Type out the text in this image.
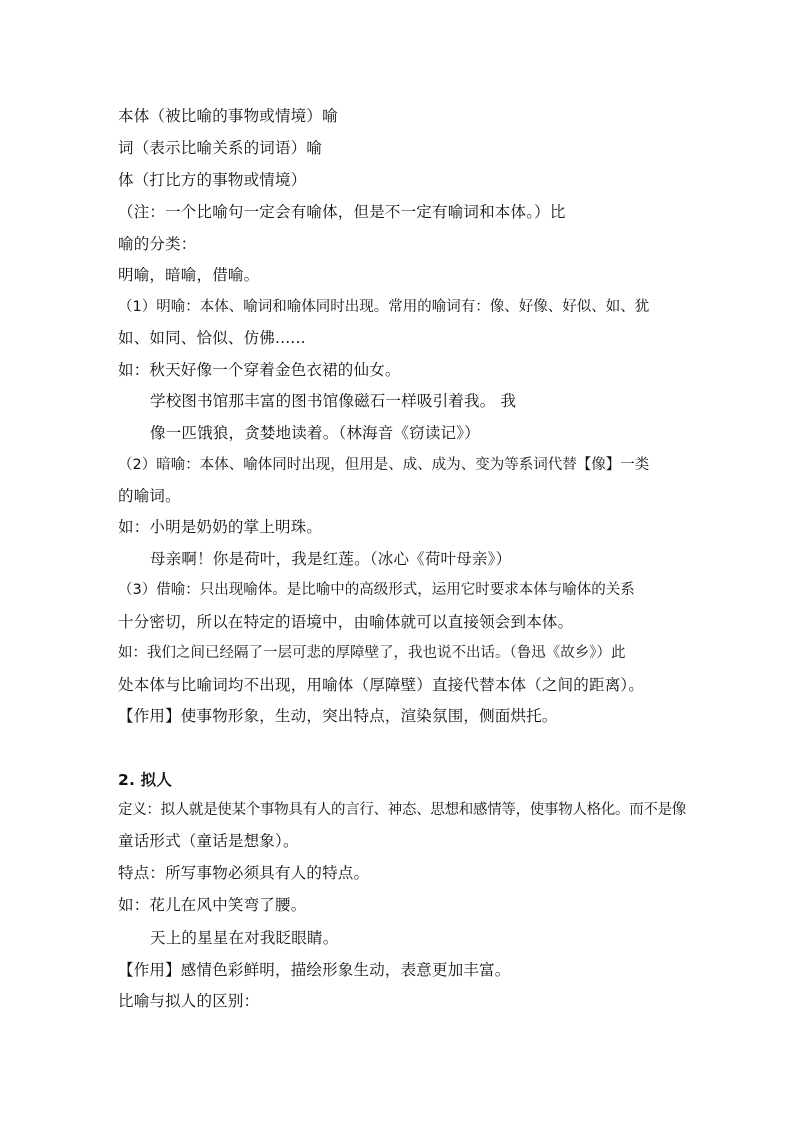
本体（被比喻的事物或情境）喻
词（表示比喻关系的词语）喻
体（打比方的事物或情境）
（注：一个比喻句一定会有喻体，但是不一定有喻词和本体。）比
喻的分类：
明喻，暗喻，借喻。
（1）明喻：本体、喻词和喻体同时出现。常用的喻词有：像、好像、好似、如、犹
如、如同、恰似、仿佛......
如：秋天好像一个穿着金色衣裙的仙女。
学校图书馆那丰富的图书馆像磁石一样吸引着我。 我
像一匹饿狼，贪婪地读着。（林海音《窃读记》）
（2）暗喻：本体、喻体同时出现，但用是、成、成为、变为等系词代替【像】一类
的喻词。
如：小明是奶奶的掌上明珠。
母亲啊！你是荷叶，我是红莲。（冰心《荷叶母亲》）
（3）借喻：只出现喻体。是比喻中的高级形式，运用它时要求本体与喻体的关系
十分密切，所以在特定的语境中，由喻体就可以直接领会到本体。
如：我们之间已经隔了一层可悲的厚障壁了，我也说不出话。（鲁迅《故乡》）此
处本体与比喻词均不出现，用喻体（厚障壁）直接代替本体（之间的距离）。
【作用】使事物形象，生动，突出特点，渲染氛围，侧面烘托。
2. 拟人
定义：拟人就是使某个事物具有人的言行、神态、思想和感情等，使事物人格化。而不是像
童话形式（童话是想象）。
特点：所写事物必须具有人的特点。
如：花儿在风中笑弯了腰。
天上的星星在对我眨眼睛。
【作用】感情色彩鲜明，描绘形象生动，表意更加丰富。
比喻与拟人的区别：
